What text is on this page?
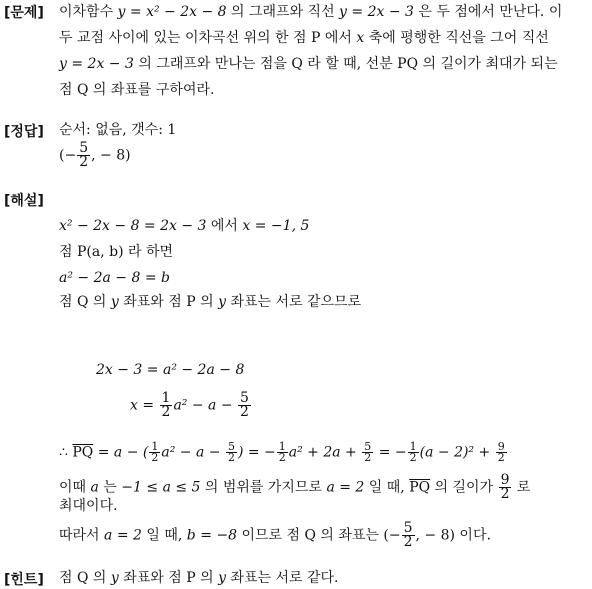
[문제] 이차함수 y = x² − 2x − 8 의 그래프와 직선 y = 2x − 3 은 두 점에서 만난다. 이
두 교점 사이에 있는 이차곡선 위의 한 점 P 에서 x 축에 평행한 직선을 그어 직선
y = 2x − 3 의 그래프와 만나는 점을 Q 라 할 때, 선분 PQ 의 길이가 최대가 되는
점 Q 의 좌표를 구하여라.
[정답] 순서: 없음, 갯수: 1
(− $\frac{5}{2}$ , − 8)
[해설]
x² − 2x − 8 = 2x − 3 에서 x = −1, 5
점 P(a, b) 라 하면
a² − 2a − 8 = b
점 Q 의 y 좌표와 점 P 의 y 좌표는 서로 같으므로
2x − 3 = a² − 2a − 8
$x = \frac{1}{2} a^2 - a - \frac{5}{2}$
∴ $\overline{PQ} = a$ − ( $\frac{1}{2} a^2 - a - \frac{5}{2}$ ) = − $\frac{1}{2} a^2 + 2a + \frac{5}{2}$ = − $\frac{1}{2} (a - 2)^2 + \frac{9}{2}$
이때 a 는 −1 ≤ a ≤ 5 의 범위를 가지므로 a = 2 일 때, $\overline{PQ}$ 의 길이가 $\frac{9}{2}$ 로
최대이다.
따라서 a = 2 일 때, b = −8 이므로 점 Q 의 좌표는 (− $\frac{5}{2}$ , − 8) 이다.
[힌트] 점 Q 의 y 좌표와 점 P 의 y 좌표는 서로 같다.
